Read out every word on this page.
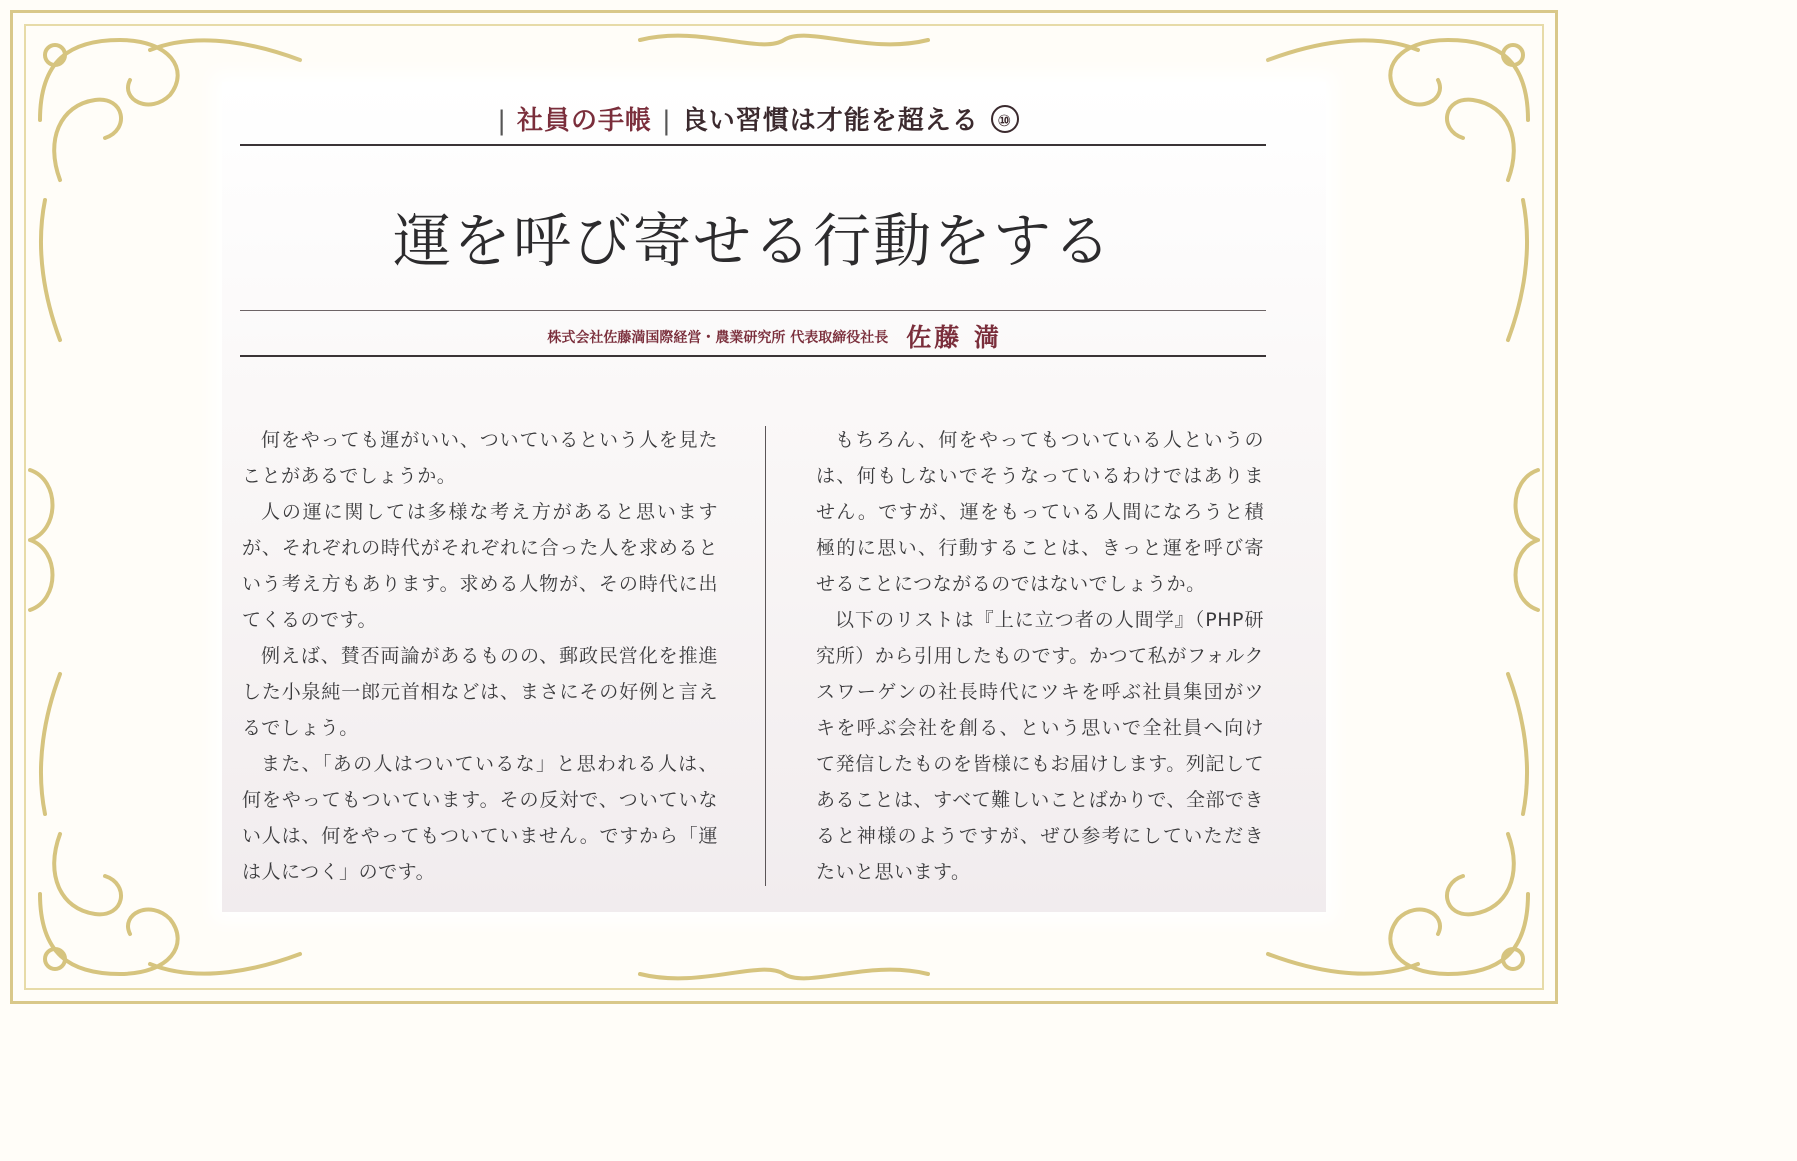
| 社員の手帳 | 良い習慣は才能を超える ⑩
運を呼び寄せる行動をする
株式会社佐藤満国際経営・農業研究所 代表取締役社長 佐藤 満

何をやっても運がいい、ついているという人を見たことがあるでしょうか。

人の運に関しては多様な考え方があると思いますが、それぞれの時代がそれぞれに合った人を求めるという考え方もあります。求める人物が、その時代に出てくるのです。

例えば、賛否両論があるものの、郵政民営化を推進した小泉純一郎元首相などは、まさにその好例と言えるでしょう。

また、「あの人はついているな」と思われる人は、何をやってもついています。その反対で、ついていない人は、何をやってもついていません。ですから「運は人につく」のです。

もちろん、何をやってもついている人というのは、何もしないでそうなっているわけではありません。ですが、運をもっている人間になろうと積極的に思い、行動することは、きっと運を呼び寄せることにつながるのではないでしょうか。

以下のリストは『上に立つ者の人間学』（PHP研究所）から引用したものです。かつて私がフォルクスワーゲンの社長時代にツキを呼ぶ社員集団がツキを呼ぶ会社を創る、という思いで全社員へ向けて発信したものを皆様にもお届けします。列記してあることは、すべて難しいことばかりで、全部できると神様のようですが、ぜひ参考にしていただきたいと思います。
